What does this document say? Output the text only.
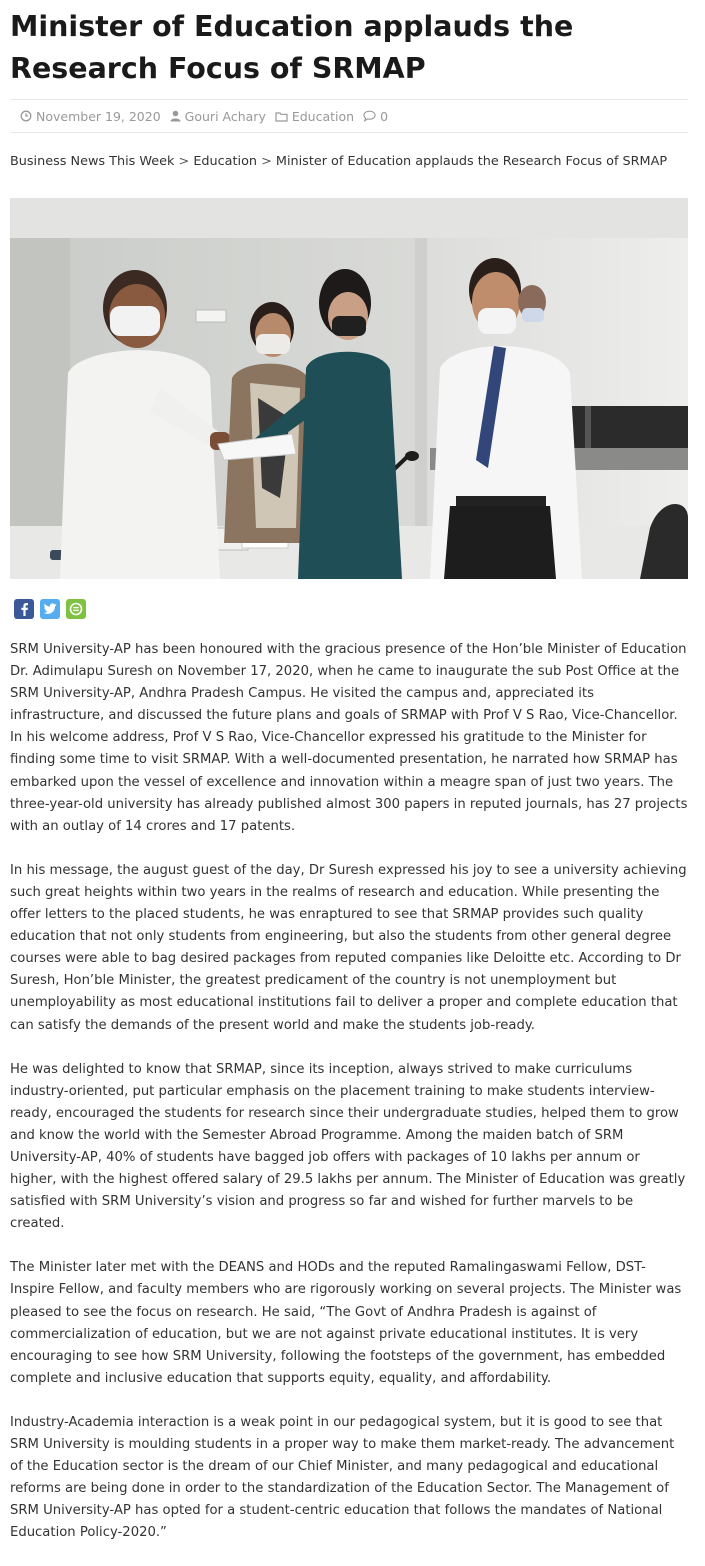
Minister of Education applauds the Research Focus of SRMAP
November 19, 2020 Gouri Achary Education 0
Business News This Week > Education > Minister of Education applauds the Research Focus of SRMAP

SRM University-AP has been honoured with the gracious presence of the Hon’ble Minister of Education Dr. Adimulapu Suresh on November 17, 2020, when he came to inaugurate the sub Post Office at the SRM University-AP, Andhra Pradesh Campus. He visited the campus and, appreciated its infrastructure, and discussed the future plans and goals of SRMAP with Prof V S Rao, Vice-Chancellor. In his welcome address, Prof V S Rao, Vice-Chancellor expressed his gratitude to the Minister for finding some time to visit SRMAP. With a well-documented presentation, he narrated how SRMAP has embarked upon the vessel of excellence and innovation within a meagre span of just two years. The three-year-old university has already published almost 300 papers in reputed journals, has 27 projects with an outlay of 14 crores and 17 patents.

In his message, the august guest of the day, Dr Suresh expressed his joy to see a university achieving such great heights within two years in the realms of research and education. While presenting the offer letters to the placed students, he was enraptured to see that SRMAP provides such quality education that not only students from engineering, but also the students from other general degree courses were able to bag desired packages from reputed companies like Deloitte etc. According to Dr Suresh, Hon’ble Minister, the greatest predicament of the country is not unemployment but unemployability as most educational institutions fail to deliver a proper and complete education that can satisfy the demands of the present world and make the students job-ready.

He was delighted to know that SRMAP, since its inception, always strived to make curriculums industry-oriented, put particular emphasis on the placement training to make students interview-ready, encouraged the students for research since their undergraduate studies, helped them to grow and know the world with the Semester Abroad Programme. Among the maiden batch of SRM University-AP, 40% of students have bagged job offers with packages of 10 lakhs per annum or higher, with the highest offered salary of 29.5 lakhs per annum. The Minister of Education was greatly satisfied with SRM University’s vision and progress so far and wished for further marvels to be created.

The Minister later met with the DEANS and HODs and the reputed Ramalingaswami Fellow, DST-Inspire Fellow, and faculty members who are rigorously working on several projects. The Minister was pleased to see the focus on research. He said, “The Govt of Andhra Pradesh is against of commercialization of education, but we are not against private educational institutes. It is very encouraging to see how SRM University, following the footsteps of the government, has embedded complete and inclusive education that supports equity, equality, and affordability.

Industry-Academia interaction is a weak point in our pedagogical system, but it is good to see that SRM University is moulding students in a proper way to make them market-ready. The advancement of the Education sector is the dream of our Chief Minister, and many pedagogical and educational reforms are being done in order to the standardization of the Education Sector. The Management of SRM University-AP has opted for a student-centric education that follows the mandates of National Education Policy-2020.”
